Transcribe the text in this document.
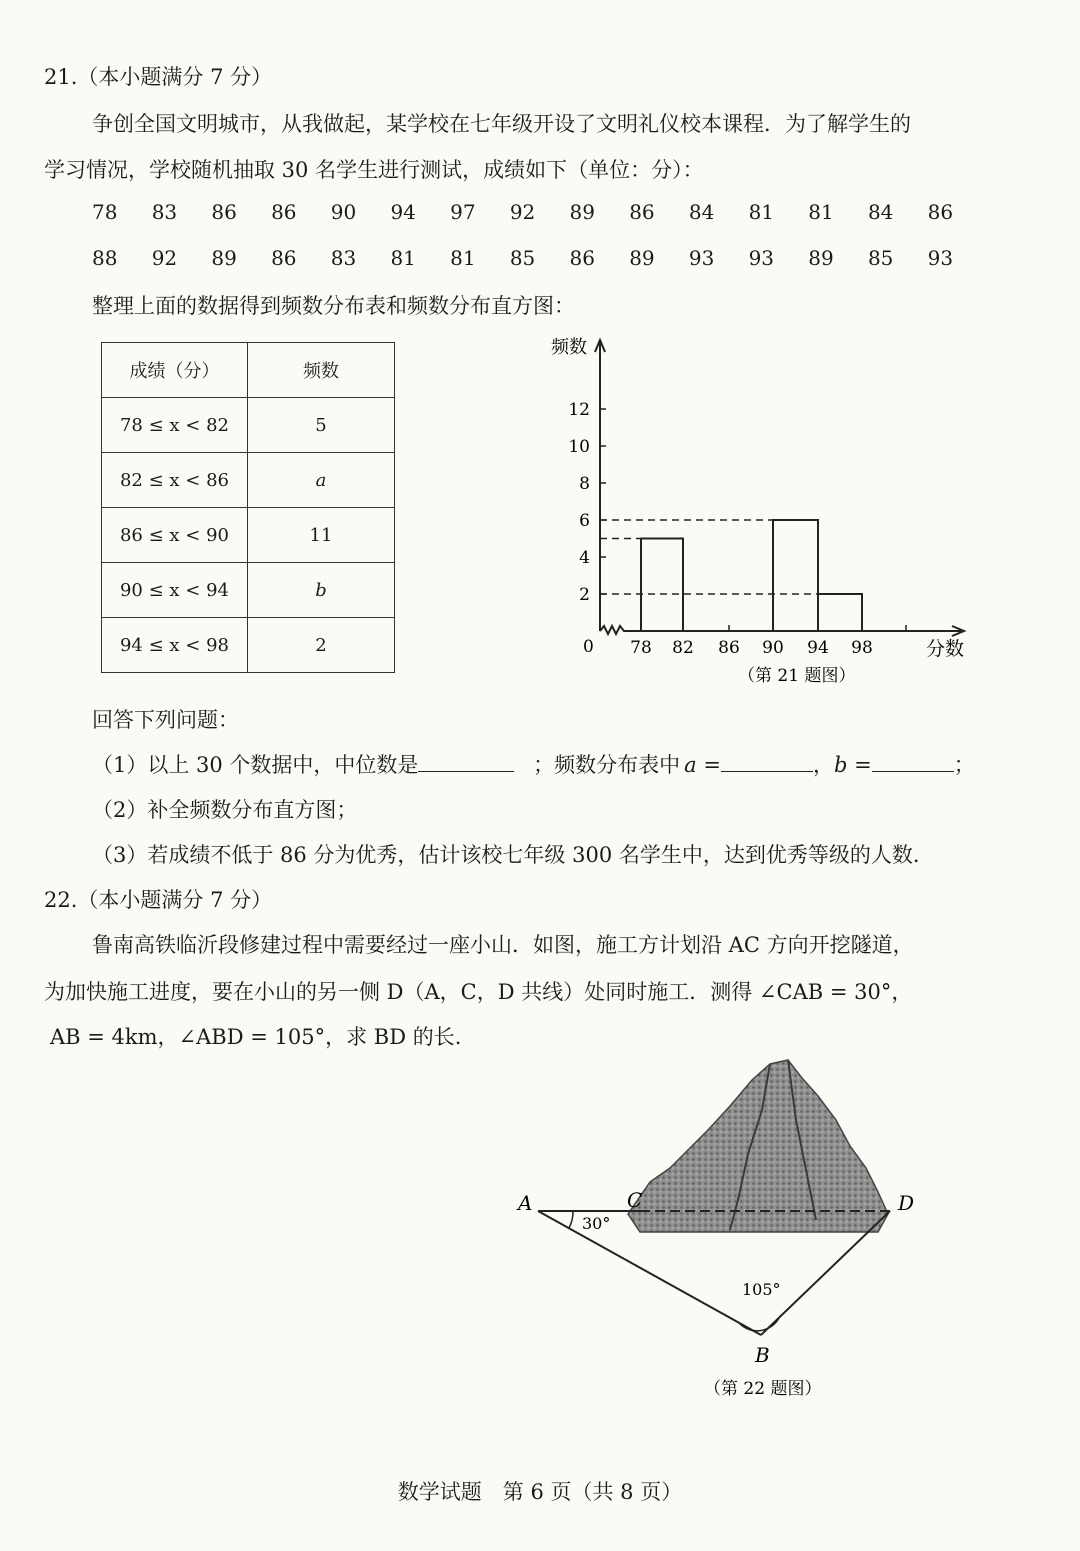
21.（本小题满分 7 分）
争创全国文明城市，从我做起，某学校在七年级开设了文明礼仪校本课程．为了解学生的
学习情况，学校随机抽取 30 名学生进行测试，成绩如下（单位：分）：
78 83 86 86 90 94 97 92 89 86 84 81 81 84 86
88 92 89 86 83 81 81 85 86 89 93 93 89 85 93
整理上面的数据得到频数分布表和频数分布直方图：
成绩（分）	频数
78 ≤ x < 82	5
82 ≤ x < 86	a
86 ≤ x < 90	11
90 ≤ x < 94	b
94 ≤ x < 98	2
2
4
6
8
10
12
78 82 86 90 94 98
频数
分数
0
（第 21 题图）
回答下列问题：
（1）以上 30 个数据中，中位数是	；频数分布表中 a =	，b =	；
（2）补全频数分布直方图；
（3）若成绩不低于 86 分为优秀，估计该校七年级 300 名学生中，达到优秀等级的人数．
22.（本小题满分 7 分）
鲁南高铁临沂段修建过程中需要经过一座小山．如图，施工方计划沿 AC 方向开挖隧道，
为加快施工进度，要在小山的另一侧 D（A，C，D 共线）处同时施工．测得 ∠CAB = 30°，
AB = 4km，∠ABD = 105°，求 BD 的长.
A	C	D
B
30°
105°
（第 22 题图）
数学试题　第 6 页（共 8 页）
